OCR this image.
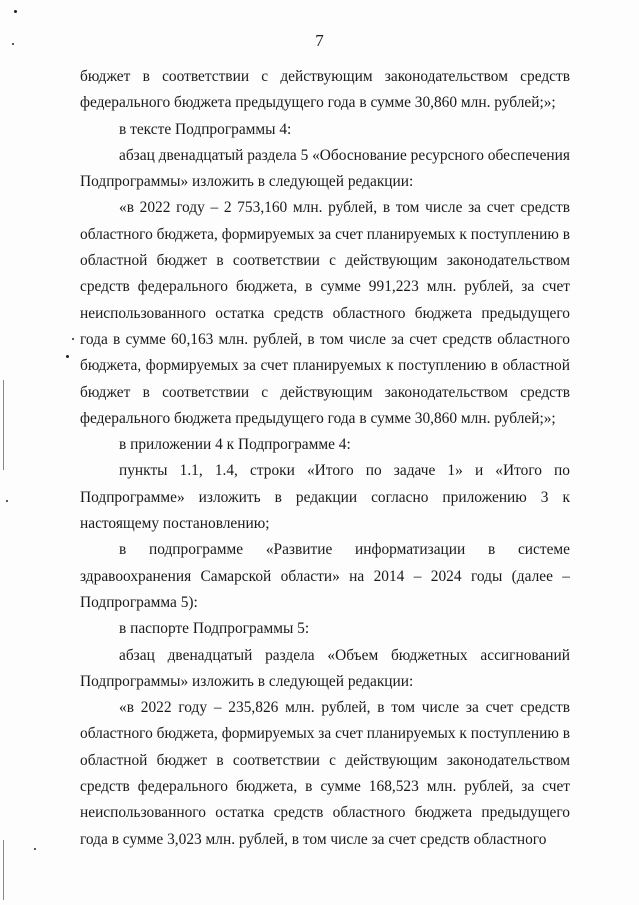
7

бюджет в соответствии с действующим законодательством средств федерального бюджета предыдущего года в сумме 30,860 млн. рублей;»;

в тексте Подпрограммы 4:

абзац двенадцатый раздела 5 «Обоснование ресурсного обеспечения Подпрограммы» изложить в следующей редакции:

«в 2022 году – 2 753,160 млн. рублей, в том числе за счет средств областного бюджета, формируемых за счет планируемых к поступлению в областной бюджет в соответствии с действующим законодательством средств федерального бюджета, в сумме 991,223 млн. рублей, за счет неиспользованного остатка средств областного бюджета предыдущего года в сумме 60,163 млн. рублей, в том числе за счет средств областного бюджета, формируемых за счет планируемых к поступлению в областной бюджет в соответствии с действующим законодательством средств федерального бюджета предыдущего года в сумме 30,860 млн. рублей;»;

в приложении 4 к Подпрограмме 4:

пункты 1.1, 1.4, строки «Итого по задаче 1» и «Итого по Подпрограмме» изложить в редакции согласно приложению 3 к настоящему постановлению;

в подпрограмме «Развитие информатизации в системе здравоохранения Самарской области» на 2014 – 2024 годы (далее – Подпрограмма 5):

в паспорте Подпрограммы 5:

абзац двенадцатый раздела «Объем бюджетных ассигнований Подпрограммы» изложить в следующей редакции:

«в 2022 году – 235,826 млн. рублей, в том числе за счет средств областного бюджета, формируемых за счет планируемых к поступлению в областной бюджет в соответствии с действующим законодательством средств федерального бюджета, в сумме 168,523 млн. рублей, за счет неиспользованного остатка средств областного бюджета предыдущего года в сумме 3,023 млн. рублей, в том числе за счет средств областного
